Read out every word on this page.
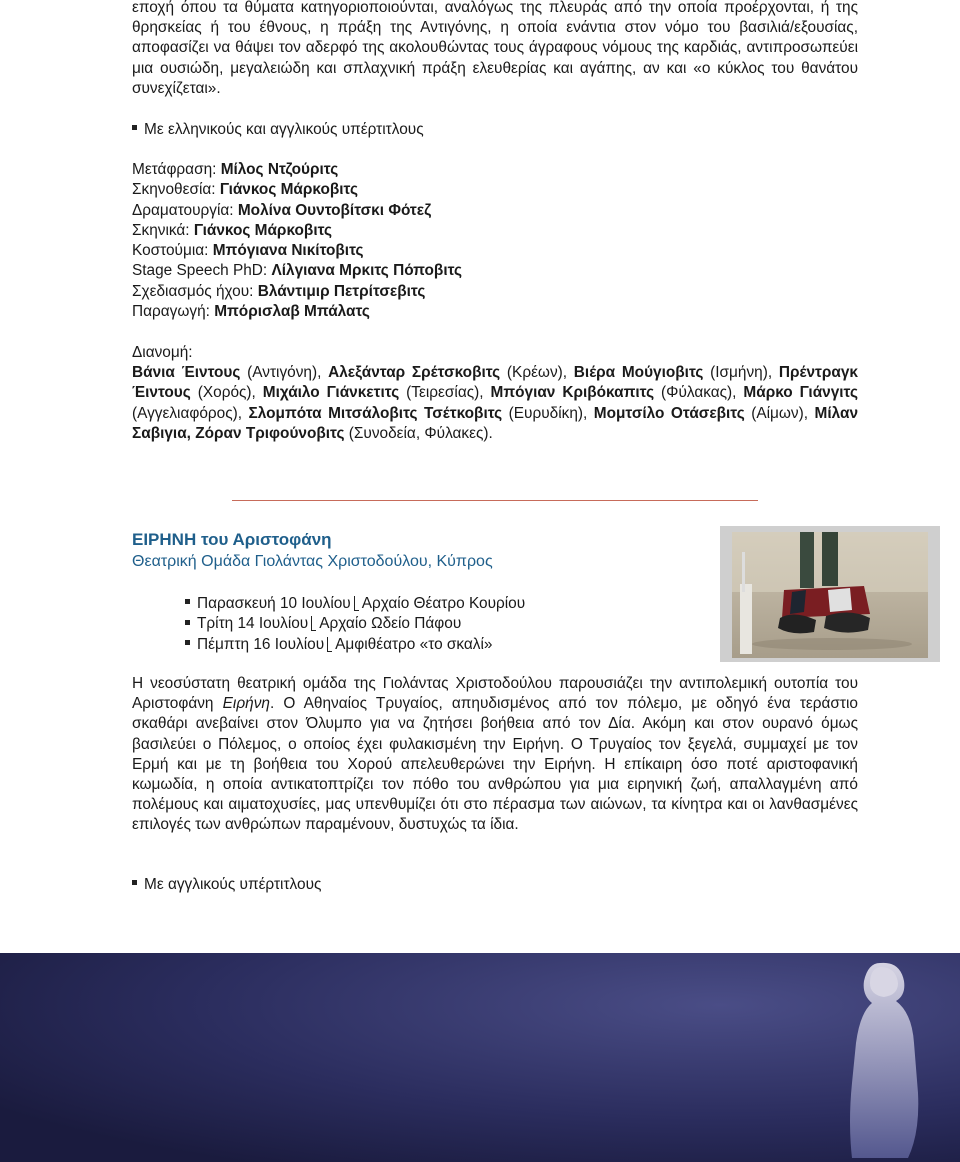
εποχή όπου τα θύματα κατηγοριοποιούνται, αναλόγως της πλευράς από την οποία προέρχονται, ή της θρησκείας ή του έθνους, η πράξη της Αντιγόνης, η οποία ενάντια στον νόμο του βασιλιά/εξουσίας, αποφασίζει να θάψει τον αδερφό της ακολουθώντας τους άγραφους νόμους της καρδιάς, αντιπροσωπεύει μια ουσιώδη, μεγαλειώδη και σπλαχνική πράξη ελευθερίας και αγάπης, αν και «ο κύκλος του θανάτου συνεχίζεται».

Με ελληνικούς και αγγλικούς υπέρτιτλους
Μετάφραση: Μίλος Ντζούριτς
Σκηνοθεσία: Γιάνκος Μάρκοβιτς
Δραματουργία: Μολίνα Ουντοβίτσκι Φότεζ
Σκηνικά: Γιάνκος Μάρκοβιτς
Κοστούμια: Μπόγιανα Νικίτοβιτς
Stage Speech PhD: Λίλγιανα Μρκιτς Πόποβιτς
Σχεδιασμός ήχου: Βλάντιμιρ Πετρίτσεβιτς
Παραγωγή: Μπόρισλαβ Μπάλατς
Διανομή:

Βάνια Έιντους (Αντιγόνη), Αλεξάνταρ Σρέτσκοβιτς (Κρέων), Βιέρα Μούγιοβιτς (Ισμήνη), Πρέντραγκ Έιντους (Χορός), Μιχάιλο Γιάνκετιτς (Τειρεσίας), Μπόγιαν Κριβόκαπιτς (Φύλακας), Μάρκο Γιάνγιτς (Αγγελιαφόρος), Σλομπότα Μιτσάλοβιτς Τσέτκοβιτς (Ευρυδίκη), Μομτσίλο Οτάσεβιτς (Αίμων), Μίλαν Σαβιγια, Ζόραν Τριφούνοβιτς (Συνοδεία, Φύλακες).

ΕΙΡΗΝΗ του Αριστοφάνη
Θεατρική Ομάδα Γιολάντας Χριστοδούλου, Κύπρος
Παρασκευή 10 Ιουλίου Αρχαίο Θέατρο Κουρίου
Τρίτη 14 Ιουλίου Αρχαίο Ωδείο Πάφου
Πέμπτη 16 Ιουλίου Αμφιθέατρο «το σκαλί»

Η νεοσύστατη θεατρική ομάδα της Γιολάντας Χριστοδούλου παρουσιάζει την αντιπολεμική ουτοπία του Αριστοφάνη Ειρήνη. Ο Αθηναίος Τρυγαίος, απηυδισμένος από τον πόλεμο, με οδηγό ένα τεράστιο σκαθάρι ανεβαίνει στον Όλυμπο για να ζητήσει βοήθεια από τον Δία. Ακόμη και στον ουρανό όμως βασιλεύει ο Πόλεμος, ο οποίος έχει φυλακισμένη την Ειρήνη. Ο Τρυγαίος τον ξεγελά, συμμαχεί με τον Ερμή και με τη βοήθεια του Χορού απελευθερώνει την Ειρήνη. Η επίκαιρη όσο ποτέ αριστοφανική κωμωδία, η οποία αντικατοπτρίζει τον πόθο του ανθρώπου για μια ειρηνική ζωή, απαλλαγμένη από πολέμους και αιματοχυσίες, μας υπενθυμίζει ότι στο πέρασμα των αιώνων, τα κίνητρα και οι λανθασμένες επιλογές των ανθρώπων παραμένουν, δυστυχώς τα ίδια.

Με αγγλικούς υπέρτιτλους
